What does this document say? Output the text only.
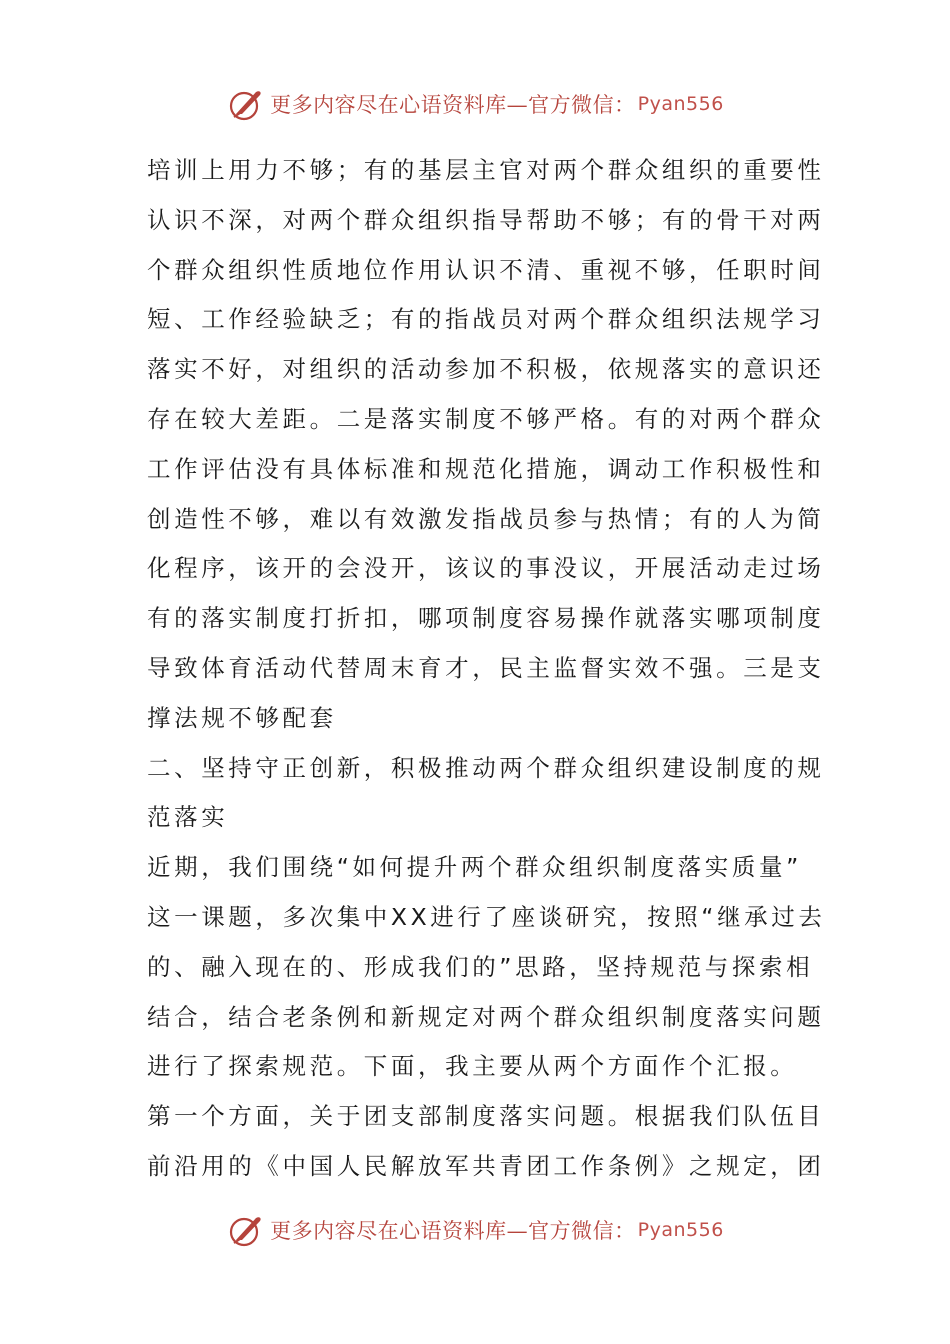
更多内容尽在心语资料库—官方微信： Pyan556
培训上用力不够；有的基层主官对两个群众组织的重要性
认识不深，对两个群众组织指导帮助不够；有的骨干对两
个群众组织性质地位作用认识不清、重视不够，任职时间
短、工作经验缺乏；有的指战员对两个群众组织法规学习
落实不好，对组织的活动参加不积极，依规落实的意识还
存在较大差距。二是落实制度不够严格。有的对两个群众
工作评估没有具体标准和规范化措施，调动工作积极性和
创造性不够，难以有效激发指战员参与热情；有的人为简
化程序，该开的会没开，该议的事没议，开展活动走过场
有的落实制度打折扣，哪项制度容易操作就落实哪项制度
导致体育活动代替周末育才，民主监督实效不强。三是支
撑法规不够配套
二、坚持守正创新，积极推动两个群众组织建设制度的规
范落实
近期，我们围绕“如何提升两个群众组织制度落实质量”
这一课题，多次集中XX进行了座谈研究，按照“继承过去
的、融入现在的、形成我们的”思路，坚持规范与探索相
结合，结合老条例和新规定对两个群众组织制度落实问题
进行了探索规范。下面，我主要从两个方面作个汇报。
第一个方面，关于团支部制度落实问题。根据我们队伍目
前沿用的《中国人民解放军共青团工作条例》之规定，团
更多内容尽在心语资料库—官方微信： Pyan556
